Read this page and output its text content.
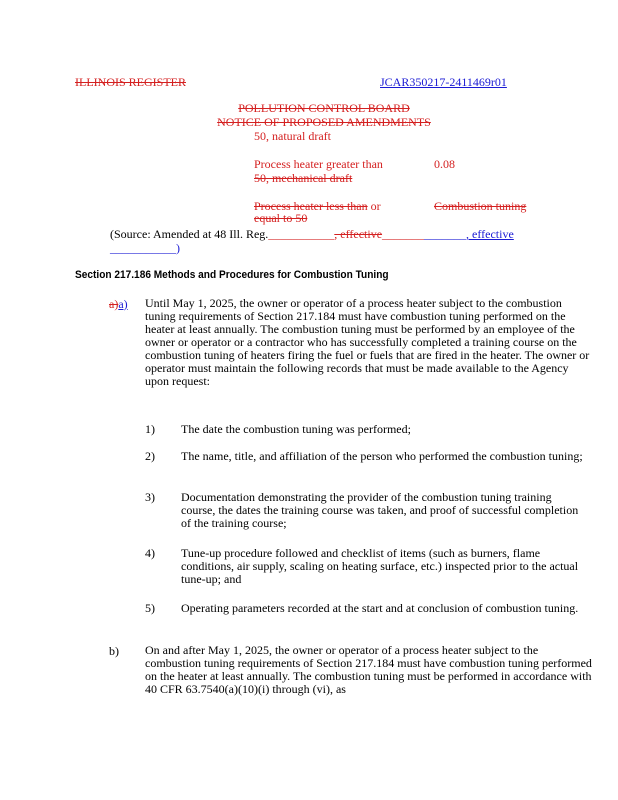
ILLINOIS REGISTER	JCAR350217-2411469r01
POLLUTION CONTROL BOARD
NOTICE OF PROPOSED AMENDMENTS
50, natural draft
Process heater greater than	0.08
50, mechanical draft
Process heater less than or	Combustion tuning
equal to 50
(Source: Amended at 48 Ill. Reg.___________, effective______________, effective
___________)
Section 217.186 Methods and Procedures for Combustion Tuning
a)a) Until May 1, 2025, the owner or operator of a process heater subject to the combustion tuning requirements of Section 217.184 must have combustion tuning performed on the heater at least annually. The combustion tuning must be performed by an employee of the owner or operator or a contractor who has successfully completed a training course on the combustion tuning of heaters firing the fuel or fuels that are fired in the heater. The owner or operator must maintain the following records that must be made available to the Agency upon request:
1) The date the combustion tuning was performed;
2) The name, title, and affiliation of the person who performed the combustion tuning;
3) Documentation demonstrating the provider of the combustion tuning training course, the dates the training course was taken, and proof of successful completion of the training course;
4) Tune-up procedure followed and checklist of items (such as burners, flame conditions, air supply, scaling on heating surface, etc.) inspected prior to the actual tune-up; and
5) Operating parameters recorded at the start and at conclusion of combustion tuning.
b) On and after May 1, 2025, the owner or operator of a process heater subject to the combustion tuning requirements of Section 217.184 must have combustion tuning performed on the heater at least annually. The combustion tuning must be performed in accordance with 40 CFR 63.7540(a)(10)(i) through (vi), as
